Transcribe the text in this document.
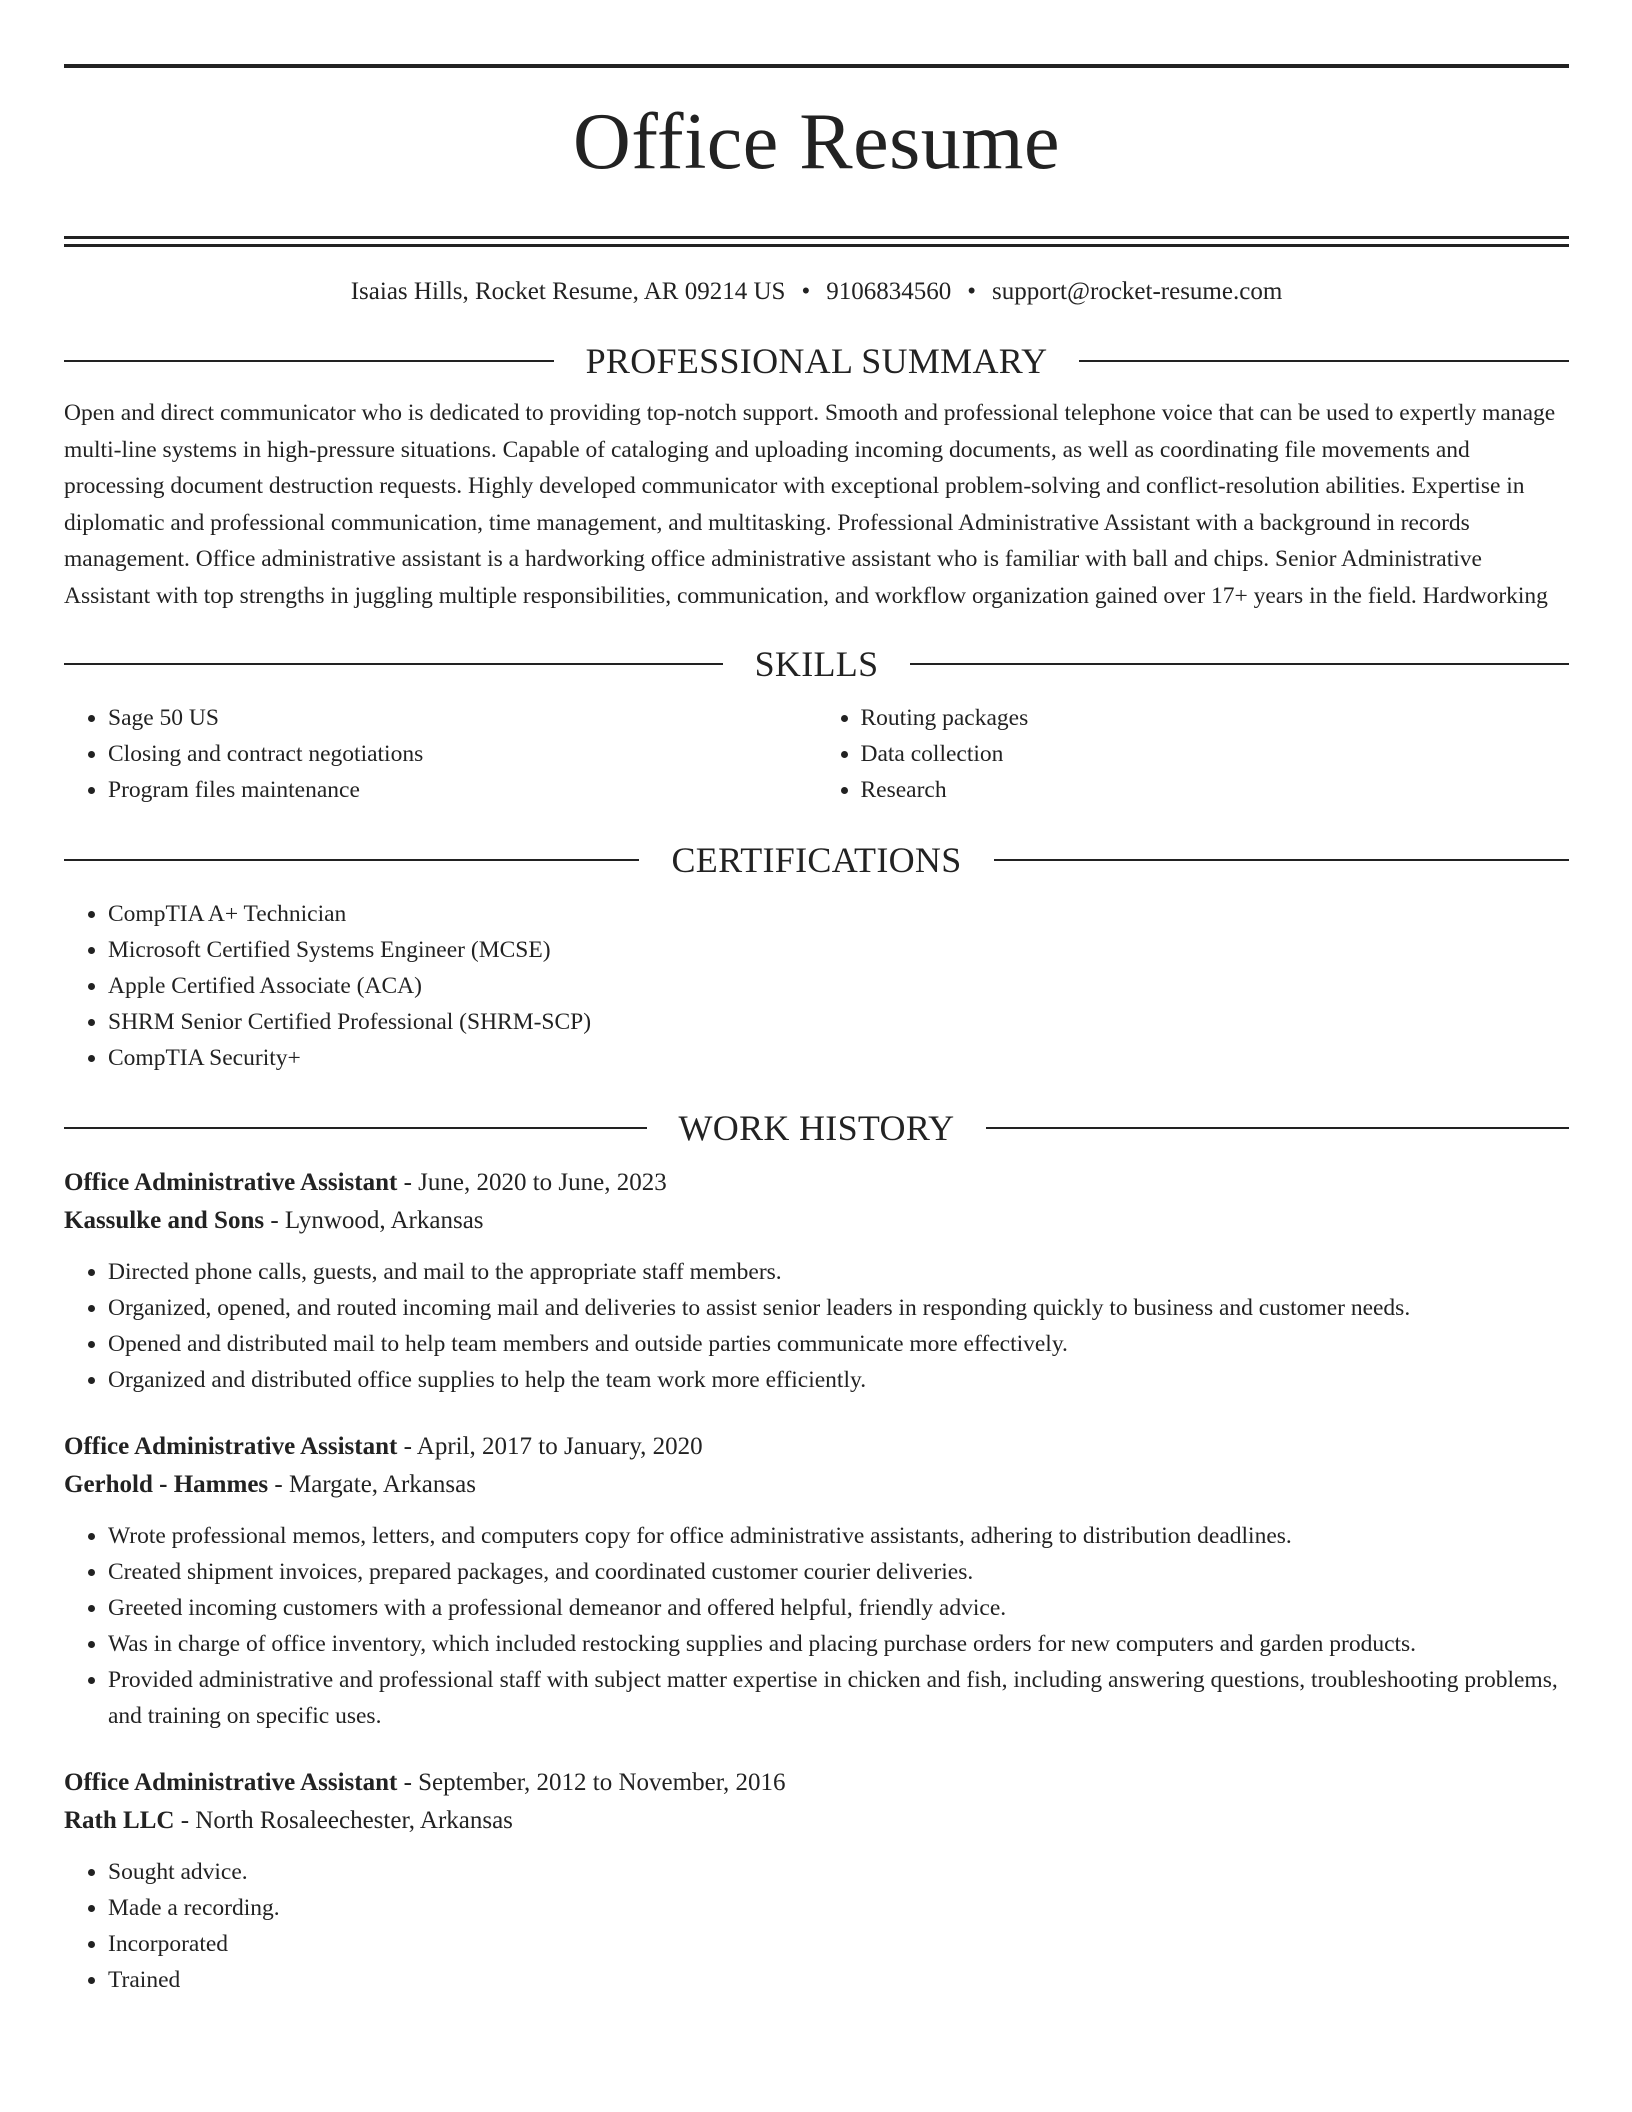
Office Resume
Isaias Hills, Rocket Resume, AR 09214 US • 9106834560 • support@rocket-resume.com
PROFESSIONAL SUMMARY

Open and direct communicator who is dedicated to providing top-notch support. Smooth and professional telephone voice that can be used to expertly manage multi-line systems in high-pressure situations. Capable of cataloging and uploading incoming documents, as well as coordinating file movements and processing document destruction requests. Highly developed communicator with exceptional problem-solving and conflict-resolution abilities. Expertise in diplomatic and professional communication, time management, and multitasking. Professional Administrative Assistant with a background in records management. Office administrative assistant is a hardworking office administrative assistant who is familiar with ball and chips. Senior Administrative Assistant with top strengths in juggling multiple responsibilities, communication, and workflow organization gained over 17+ years in the field. Hardworking

SKILLS
• Sage 50 US
• Closing and contract negotiations
• Program files maintenance
• Routing packages
• Data collection
• Research
CERTIFICATIONS
• CompTIA A+ Technician
• Microsoft Certified Systems Engineer (MCSE)
• Apple Certified Associate (ACA)
• SHRM Senior Certified Professional (SHRM-SCP)
• CompTIA Security+
WORK HISTORY
Office Administrative Assistant - June, 2020 to June, 2023
Kassulke and Sons - Lynwood, Arkansas
• Directed phone calls, guests, and mail to the appropriate staff members.
• Organized, opened, and routed incoming mail and deliveries to assist senior leaders in responding quickly to business and customer needs.
• Opened and distributed mail to help team members and outside parties communicate more effectively.
• Organized and distributed office supplies to help the team work more efficiently.
Office Administrative Assistant - April, 2017 to January, 2020
Gerhold - Hammes - Margate, Arkansas
• Wrote professional memos, letters, and computers copy for office administrative assistants, adhering to distribution deadlines.
• Created shipment invoices, prepared packages, and coordinated customer courier deliveries.
• Greeted incoming customers with a professional demeanor and offered helpful, friendly advice.
• Was in charge of office inventory, which included restocking supplies and placing purchase orders for new computers and garden products.
• Provided administrative and professional staff with subject matter expertise in chicken and fish, including answering questions, troubleshooting problems, and training on specific uses.
Office Administrative Assistant - September, 2012 to November, 2016
Rath LLC - North Rosaleechester, Arkansas
• Sought advice.
• Made a recording.
• Incorporated
• Trained
